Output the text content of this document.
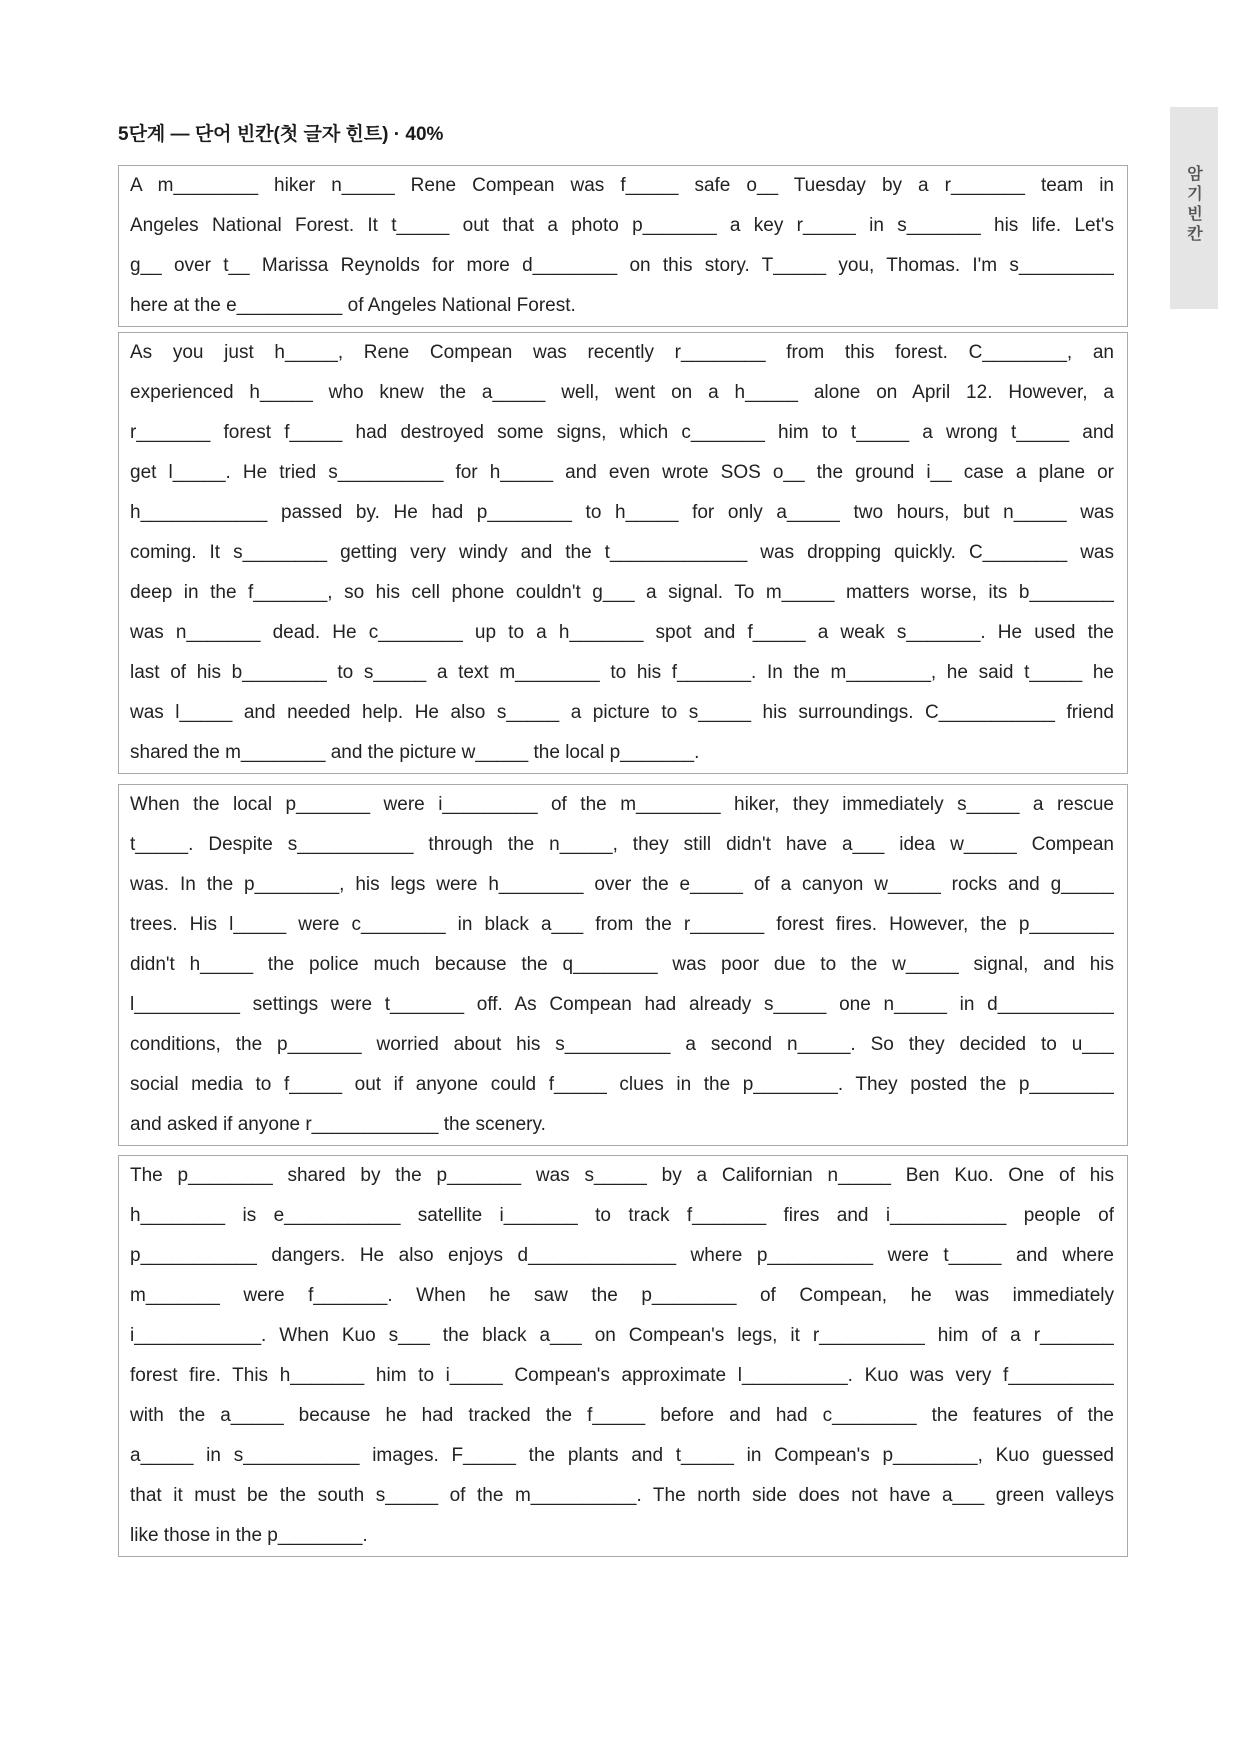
5단계 — 단어 빈칸(첫 글자 힌트) · 40%
암기빈칸
A m________ hiker n_____ Rene Compean was f_____ safe o__ Tuesday by a r_______ team in
Angeles National Forest. It t_____ out that a photo p_______ a key r_____ in s_______ his life. Let's
g__ over t__ Marissa Reynolds for more d________ on this story. T_____ you, Thomas. I'm s_________
here at the e__________ of Angeles National Forest.
As you just h_____, Rene Compean was recently r________ from this forest. C________, an
experienced h_____ who knew the a_____ well, went on a h_____ alone on April 12. However, a
r_______ forest f_____ had destroyed some signs, which c_______ him to t_____ a wrong t_____ and
get l_____. He tried s__________ for h_____ and even wrote SOS o__ the ground i__ case a plane or
h____________ passed by. He had p________ to h_____ for only a_____ two hours, but n_____ was
coming. It s________ getting very windy and the t_____________ was dropping quickly. C________ was
deep in the f_______, so his cell phone couldn't g___ a signal. To m_____ matters worse, its b________
was n_______ dead. He c________ up to a h_______ spot and f_____ a weak s_______. He used the
last of his b________ to s_____ a text m________ to his f_______. In the m________, he said t_____ he
was l_____ and needed help. He also s_____ a picture to s_____ his surroundings. C___________ friend
shared the m________ and the picture w_____ the local p_______.
When the local p_______ were i_________ of the m________ hiker, they immediately s_____ a rescue
t_____. Despite s___________ through the n_____, they still didn't have a___ idea w_____ Compean
was. In the p________, his legs were h________ over the e_____ of a canyon w_____ rocks and g_____
trees. His l_____ were c________ in black a___ from the r_______ forest fires. However, the p________
didn't h_____ the police much because the q________ was poor due to the w_____ signal, and his
l__________ settings were t_______ off. As Compean had already s_____ one n_____ in d___________
conditions, the p_______ worried about his s__________ a second n_____. So they decided to u___
social media to f_____ out if anyone could f_____ clues in the p________. They posted the p________
and asked if anyone r____________ the scenery.
The p________ shared by the p_______ was s_____ by a Californian n_____ Ben Kuo. One of his
h________ is e___________ satellite i_______ to track f_______ fires and i___________ people of
p___________ dangers. He also enjoys d______________ where p__________ were t_____ and where
m_______ were f_______. When he saw the p________ of Compean, he was immediately
i____________. When Kuo s___ the black a___ on Compean's legs, it r__________ him of a r_______
forest fire. This h_______ him to i_____ Compean's approximate l__________. Kuo was very f__________
with the a_____ because he had tracked the f_____ before and had c________ the features of the
a_____ in s___________ images. F_____ the plants and t_____ in Compean's p________, Kuo guessed
that it must be the south s_____ of the m__________. The north side does not have a___ green valleys
like those in the p________.
